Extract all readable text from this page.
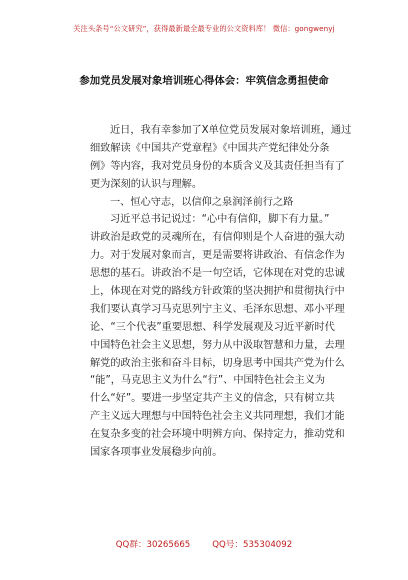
关注头条号“公文研究”，获得最新最全最专业的公文资料库！ 微信：gongwenyj
参加党员发展对象培训班心得体会：牢筑信念勇担使命
近日，我有幸参加了X单位党员发展对象培训班，通过
细致解读《中国共产党章程》《中国共产党纪律处分条
例》等内容，我对党员身份的本质含义及其责任担当有了
更为深刻的认识与理解。
一、恒心守志，以信仰之泉润泽前行之路
习近平总书记说过：“心中有信仰，脚下有力量。”
讲政治是政党的灵魂所在，有信仰则是个人奋进的强大动
力。对于发展对象而言，更是需要将讲政治、有信念作为
思想的基石。讲政治不是一句空话，它体现在对党的忠诚
上，体现在对党的路线方针政策的坚决拥护和贯彻执行中
我们要认真学习马克思列宁主义、毛泽东思想、邓小平理
论、“三个代表”重要思想、科学发展观及习近平新时代
中国特色社会主义思想，努力从中汲取智慧和力量，去理
解党的政治主张和奋斗目标，切身思考中国共产党为什么
“能”，马克思主义为什么“行”、中国特色社会主义为
什么“好”。要进一步坚定共产主义的信念，只有树立共
产主义远大理想与中国特色社会主义共同理想，我们才能
在复杂多变的社会环境中明辨方向、保持定力，推动党和
国家各项事业发展稳步向前。
QQ群：30265665	QQ号：535304092
